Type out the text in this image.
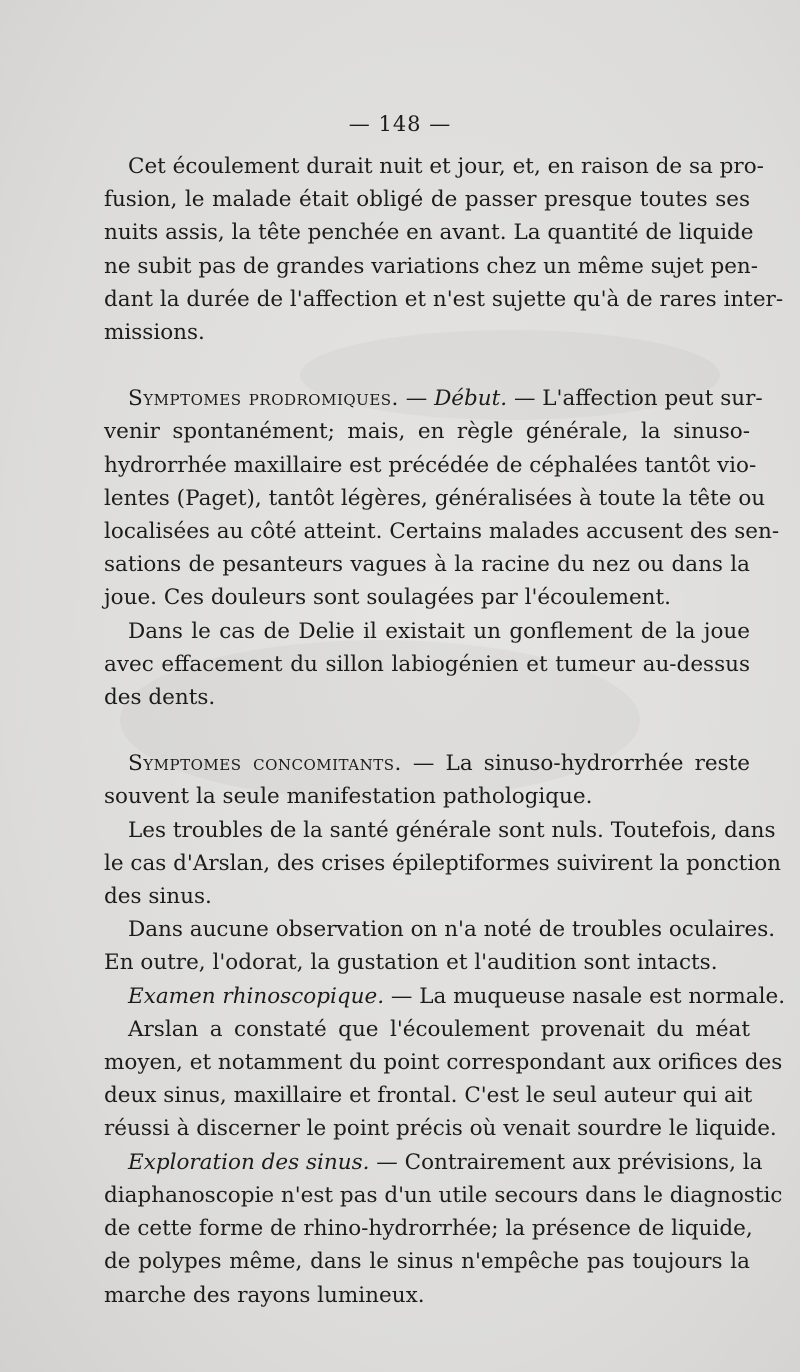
— 148 —
Cet écoulement durait nuit et jour, et, en raison de sa pro-
fusion, le malade était obligé de passer presque toutes ses
nuits assis, la tête penchée en avant. La quantité de liquide
ne subit pas de grandes variations chez un même sujet pen-
dant la durée de l'affection et n'est sujette qu'à de rares inter-
missions.
Symptomes prodromiques. — Début. — L'affection peut sur-
venir spontanément; mais, en règle générale, la sinuso-
hydrorrhée maxillaire est précédée de céphalées tantôt vio-
lentes (Paget), tantôt légères, généralisées à toute la tête ou
localisées au côté atteint. Certains malades accusent des sen-
sations de pesanteurs vagues à la racine du nez ou dans la
joue. Ces douleurs sont soulagées par l'écoulement.
Dans le cas de Delie il existait un gonflement de la joue
avec effacement du sillon labiogénien et tumeur au-dessus
des dents.
Symptomes concomitants. — La sinuso-hydrorrhée reste
souvent la seule manifestation pathologique.
Les troubles de la santé générale sont nuls. Toutefois, dans
le cas d'Arslan, des crises épileptiformes suivirent la ponction
des sinus.
Dans aucune observation on n'a noté de troubles oculaires.
En outre, l'odorat, la gustation et l'audition sont intacts.
Examen rhinoscopique. — La muqueuse nasale est normale.
Arslan a constaté que l'écoulement provenait du méat
moyen, et notamment du point correspondant aux orifices des
deux sinus, maxillaire et frontal. C'est le seul auteur qui ait
réussi à discerner le point précis où venait sourdre le liquide.
Exploration des sinus. — Contrairement aux prévisions, la
diaphanoscopie n'est pas d'un utile secours dans le diagnostic
de cette forme de rhino-hydrorrhée; la présence de liquide,
de polypes même, dans le sinus n'empêche pas toujours la
marche des rayons lumineux.
